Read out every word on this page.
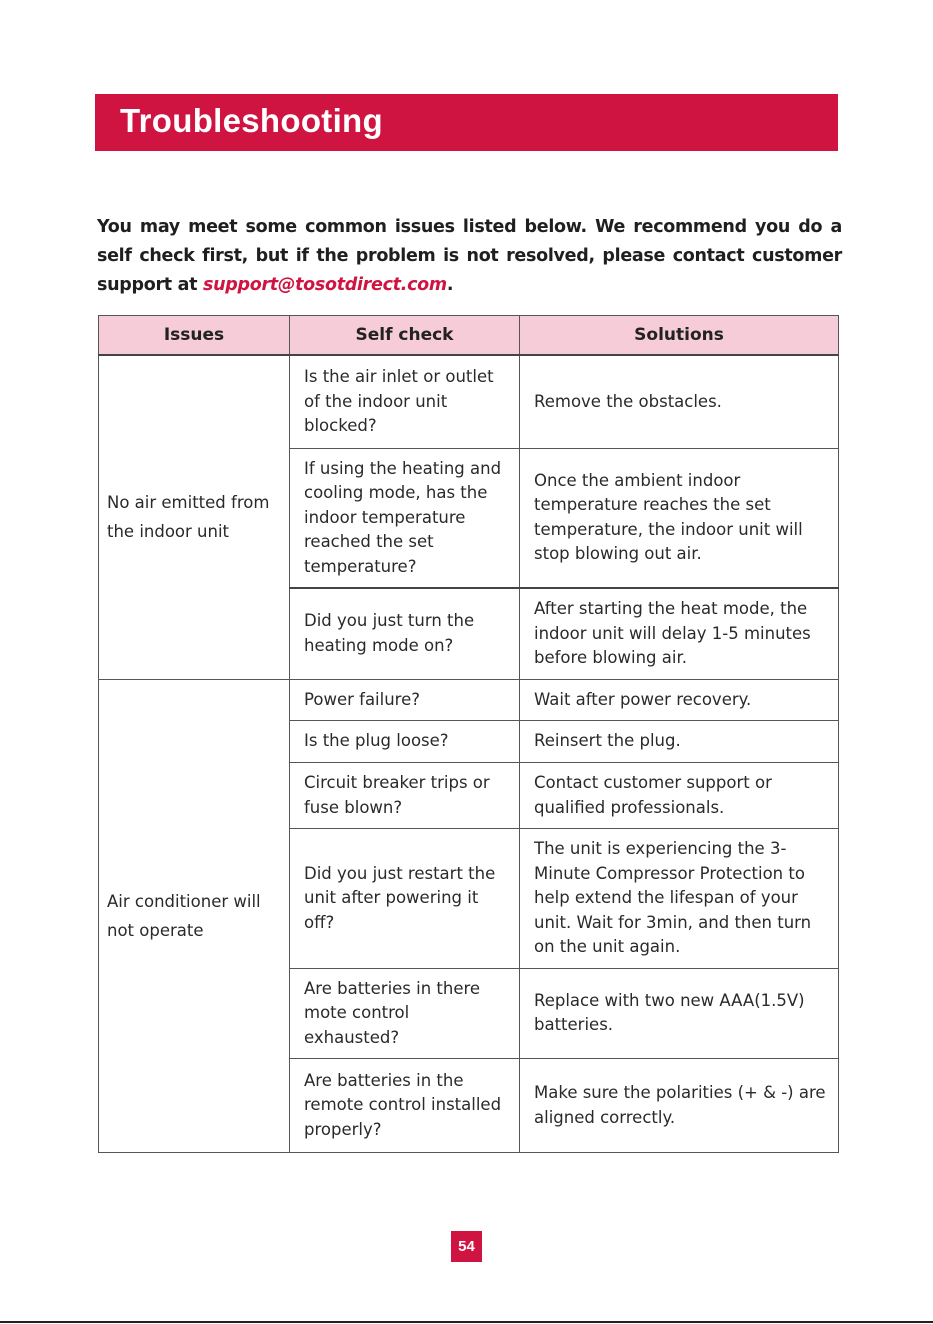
Troubleshooting

You may meet some common issues listed below. We recommend you do a self check first, but if the problem is not resolved, please contact customer support at support@tosotdirect.com.

Issues	Self check	Solutions
No air emitted from the indoor unit	Is the air inlet or outlet of the indoor unit blocked?	Remove the obstacles.
	If using the heating and cooling mode, has the indoor temperature reached the set temperature?	Once the ambient indoor temperature reaches the set temperature, the indoor unit will stop blowing out air.
	Did you just turn the heating mode on?	After starting the heat mode, the indoor unit will delay 1-5 minutes before blowing air.
Air conditioner will not operate	Power failure?	Wait after power recovery.
	Is the plug loose?	Reinsert the plug.
	Circuit breaker trips or fuse blown?	Contact customer support or qualified professionals.
	Did you just restart the unit after powering it off?	The unit is experiencing the 3-Minute Compressor Protection to help extend the lifespan of your unit. Wait for 3min, and then turn on the unit again.
	Are batteries in there mote control exhausted?	Replace with two new AAA(1.5V) batteries.
	Are batteries in the remote control installed properly?	Make sure the polarities (+ & -) are aligned correctly.
54
